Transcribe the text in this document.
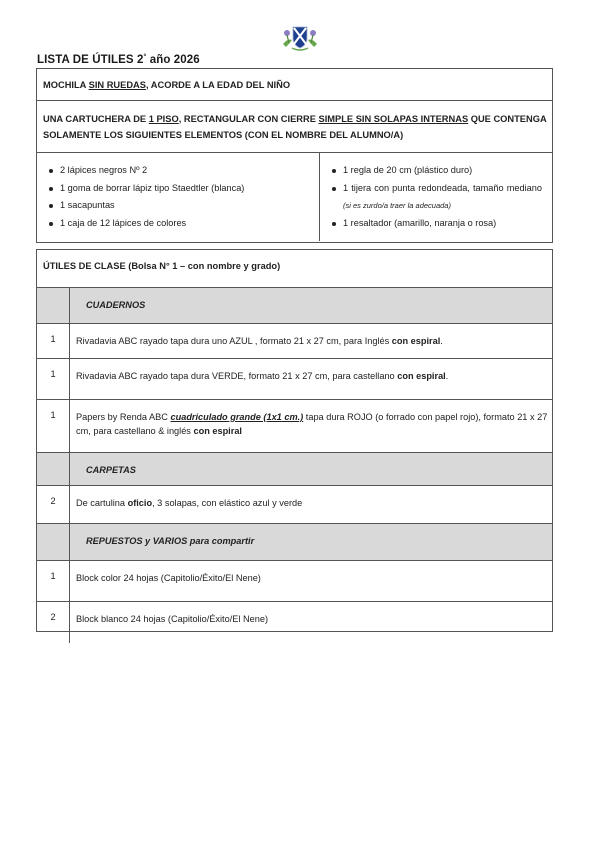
LISTA DE ÚTILES 2° año 2026
MOCHILA SIN RUEDAS, ACORDE A LA EDAD DEL NIÑO
UNA CARTUCHERA DE 1 PISO, RECTANGULAR CON CIERRE SIMPLE SIN SOLAPAS INTERNAS QUE CONTENGA SOLAMENTE LOS SIGUIENTES ELEMENTOS (CON EL NOMBRE DEL ALUMNO/A)
2 lápices negros Nº 2
1 goma de borrar lápiz tipo Staedtler (blanca)
1 sacapuntas
1 caja de 12 lápices de colores
1 regla de 20 cm (plástico duro)
1 tijera con punta redondeada, tamaño mediano (si es zurdo/a traer la adecuada)
1 resaltador (amarillo, naranja o rosa)
ÚTILES DE CLASE (Bolsa N° 1 – con nombre y grado)
CUADERNOS
1	Rivadavia ABC rayado tapa dura uno AZUL , formato 21 x 27 cm, para Inglés con espiral.
1	Rivadavia ABC rayado tapa dura VERDE, formato 21 x 27 cm, para castellano con espiral.
1	Papers by Renda ABC cuadriculado grande (1x1 cm.) tapa dura ROJO (o forrado con papel rojo), formato 21 x 27 cm, para castellano & inglés con espiral
CARPETAS
2	De cartulina oficio, 3 solapas, con elástico azul y verde
REPUESTOS y VARIOS para compartir
1	Block color 24 hojas (Capitolio/Éxito/El Nene)
2	Block blanco 24 hojas (Capitolio/Éxito/El Nene)
